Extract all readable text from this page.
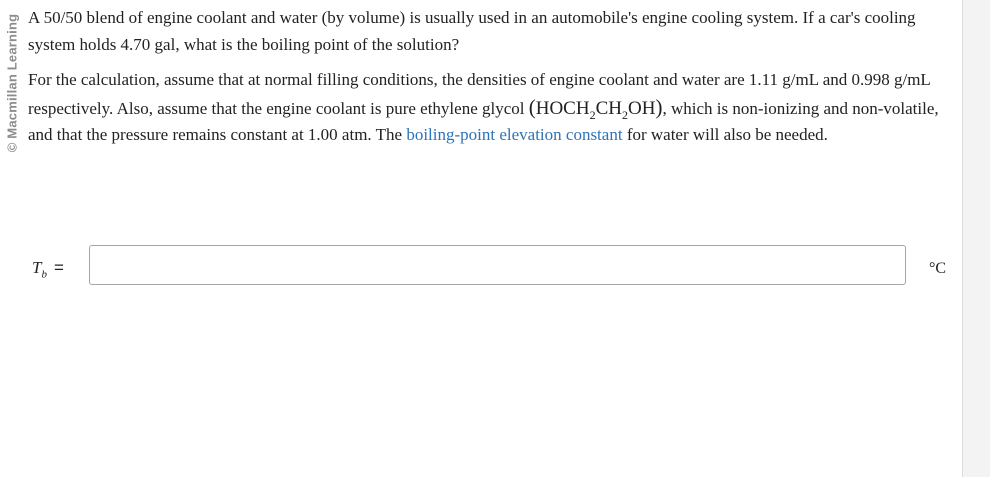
© Macmillan Learning A 50/50 blend of engine coolant and water (by volume) is usually used in an automobile's engine cooling system. If a car's cooling system holds 4.70 gal, what is the boiling point of the solution?

For the calculation, assume that at normal filling conditions, the densities of engine coolant and water are 1.11 g/mL and 0.998 g/mL respectively. Also, assume that the engine coolant is pure ethylene glycol $(HOCH_2CH_2OH)$, which is non-ionizing and non-volatile, and that the pressure remains constant at 1.00 atm. The boiling-point elevation constant for water will also be needed.

$T_b$ =	°C
